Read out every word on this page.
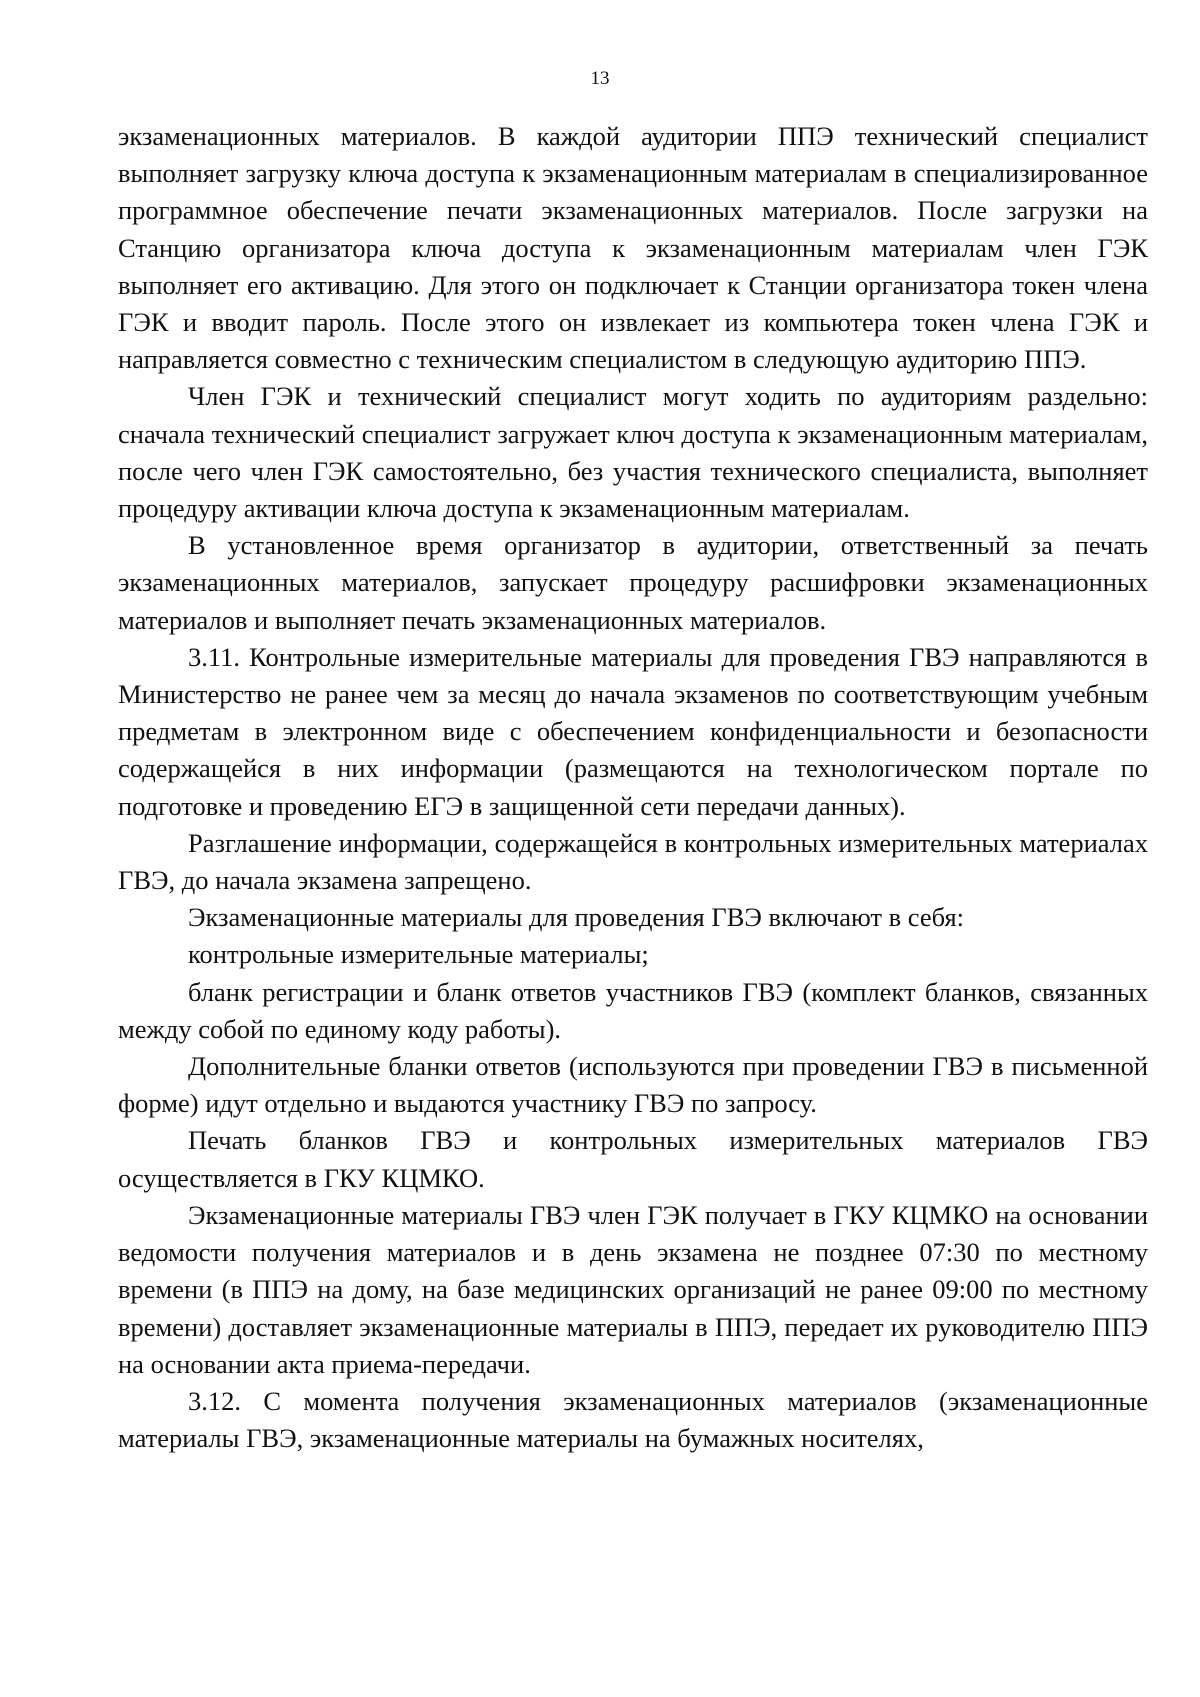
13

экзаменационных материалов. В каждой аудитории ППЭ технический специалист выполняет загрузку ключа доступа к экзаменационным материалам в специализированное программное обеспечение печати экзаменационных материалов. После загрузки на Станцию организатора ключа доступа к экзаменационным материалам член ГЭК выполняет его активацию. Для этого он подключает к Станции организатора токен члена ГЭК и вводит пароль. После этого он извлекает из компьютера токен члена ГЭК и направляется совместно с техническим специалистом в следующую аудиторию ППЭ.

Член ГЭК и технический специалист могут ходить по аудиториям раздельно: сначала технический специалист загружает ключ доступа к экзаменационным материалам, после чего член ГЭК самостоятельно, без участия технического специалиста, выполняет процедуру активации ключа доступа к экзаменационным материалам.

В установленное время организатор в аудитории, ответственный за печать экзаменационных материалов, запускает процедуру расшифровки экзаменационных материалов и выполняет печать экзаменационных материалов.

3.11. Контрольные измерительные материалы для проведения ГВЭ направляются в Министерство не ранее чем за месяц до начала экзаменов по соответствующим учебным предметам в электронном виде с обеспечением конфиденциальности и безопасности содержащейся в них информации (размещаются на технологическом портале по подготовке и проведению ЕГЭ в защищенной сети передачи данных).

Разглашение информации, содержащейся в контрольных измерительных материалах ГВЭ, до начала экзамена запрещено.

Экзаменационные материалы для проведения ГВЭ включают в себя:

контрольные измерительные материалы;

бланк регистрации и бланк ответов участников ГВЭ (комплект бланков, связанных между собой по единому коду работы).

Дополнительные бланки ответов (используются при проведении ГВЭ в письменной форме) идут отдельно и выдаются участнику ГВЭ по запросу.

Печать бланков ГВЭ и контрольных измерительных материалов ГВЭ осуществляется в ГКУ КЦМКО.

Экзаменационные материалы ГВЭ член ГЭК получает в ГКУ КЦМКО на основании ведомости получения материалов и в день экзамена не позднее 07:30 по местному времени (в ППЭ на дому, на базе медицинских организаций не ранее 09:00 по местному времени) доставляет экзаменационные материалы в ППЭ, передает их руководителю ППЭ на основании акта приема-передачи.

3.12. С момента получения экзаменационных материалов (экзаменационные материалы ГВЭ, экзаменационные материалы на бумажных носителях,
